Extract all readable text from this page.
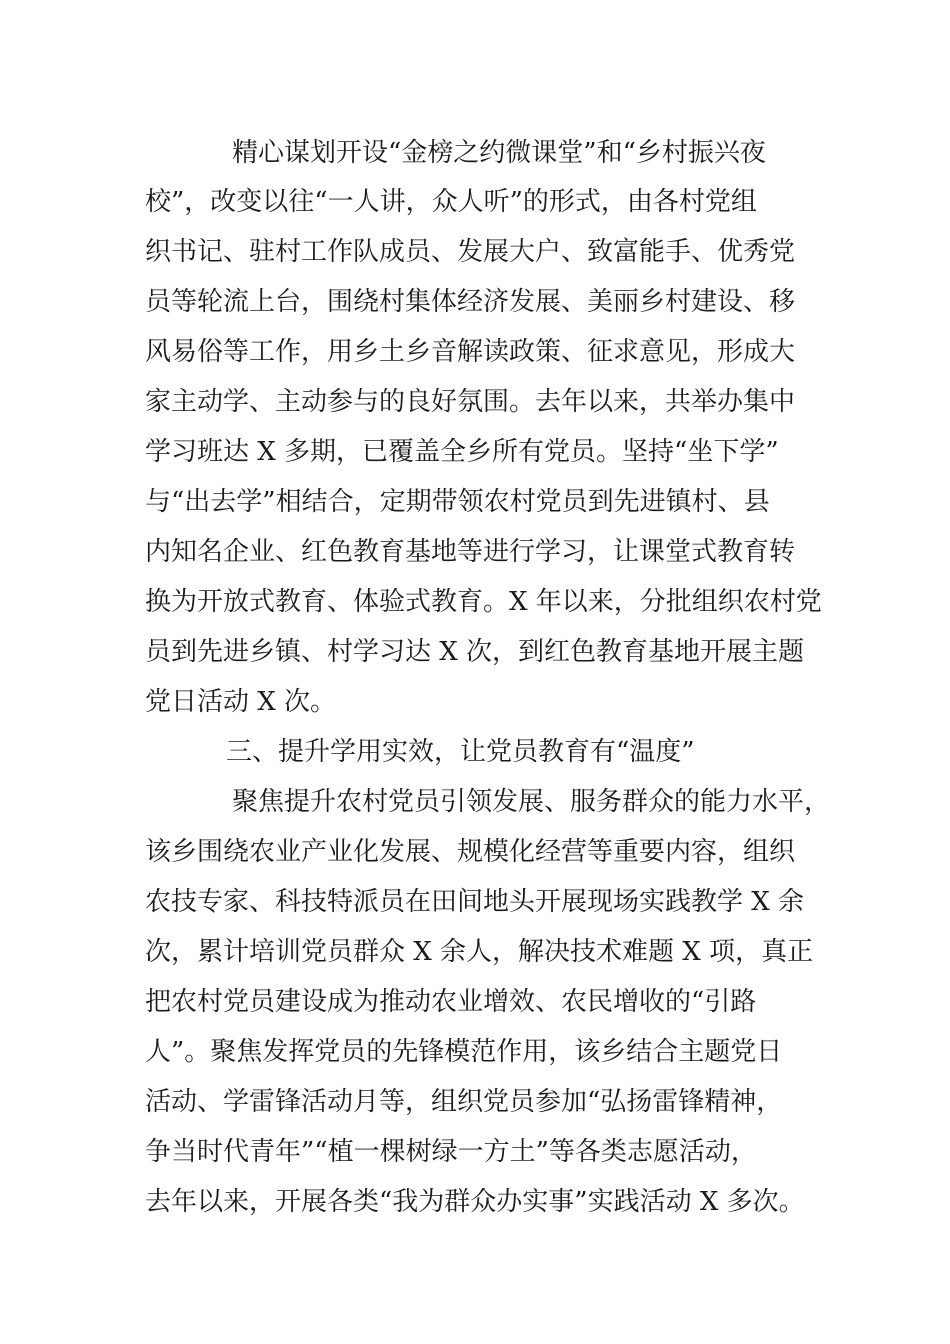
精心谋划开设“金榜之约微课堂”和“乡村振兴夜
校”，改变以往“一人讲，众人听”的形式，由各村党组
织书记、驻村工作队成员、发展大户、致富能手、优秀党
员等轮流上台，围绕村集体经济发展、美丽乡村建设、移
风易俗等工作，用乡土乡音解读政策、征求意见，形成大
家主动学、主动参与的良好氛围。去年以来，共举办集中
学习班达 X 多期，已覆盖全乡所有党员。坚持“坐下学”
与“出去学”相结合，定期带领农村党员到先进镇村、县
内知名企业、红色教育基地等进行学习，让课堂式教育转
换为开放式教育、体验式教育。X 年以来，分批组织农村党
员到先进乡镇、村学习达 X 次，到红色教育基地开展主题
党日活动 X 次。
三、提升学用实效，让党员教育有“温度”
聚焦提升农村党员引领发展、服务群众的能力水平，
该乡围绕农业产业化发展、规模化经营等重要内容，组织
农技专家、科技特派员在田间地头开展现场实践教学 X 余
次，累计培训党员群众 X 余人，解决技术难题 X 项，真正
把农村党员建设成为推动农业增效、农民增收的“引路
人”。聚焦发挥党员的先锋模范作用，该乡结合主题党日
活动、学雷锋活动月等，组织党员参加“弘扬雷锋精神，
争当时代青年”“植一棵树绿一方土”等各类志愿活动，
去年以来，开展各类“我为群众办实事”实践活动 X 多次。
